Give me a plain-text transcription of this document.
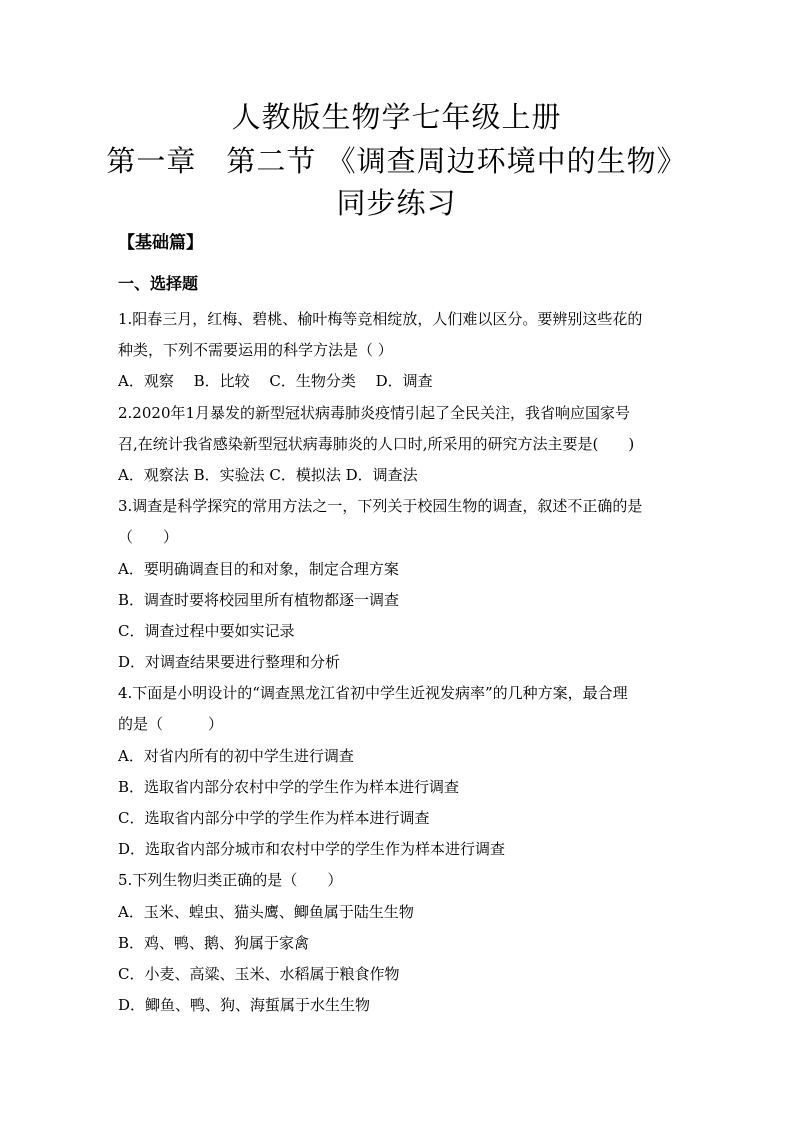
人教版生物学七年级上册
第一章　第二节 《调查周边环境中的生物》
同步练习
【基础篇】
一、选择题
1.阳春三月，红梅、碧桃、榆叶梅等竞相绽放，人们难以区分。要辨别这些花的
种类，下列不需要运用的科学方法是（ ）
A．观察　 B．比较　 C．生物分类　 D．调查
2.2020年1月暴发的新型冠状病毒肺炎疫情引起了全民关注，我省响应国家号
召,在统计我省感染新型冠状病毒肺炎的人口时,所采用的研究方法主要是(　　)
A．观察法 B．实验法 C．模拟法 D．调查法
3.调查是科学探究的常用方法之一，下列关于校园生物的调查，叙述不正确的是
（　　）
A．要明确调查目的和对象，制定合理方案
B．调查时要将校园里所有植物都逐一调查
C．调查过程中要如实记录
D．对调查结果要进行整理和分析
4.下面是小明设计的“调查黑龙江省初中学生近视发病率”的几种方案，最合理
的是（　　　）
A．对省内所有的初中学生进行调查
B．选取省内部分农村中学的学生作为样本进行调查
C．选取省内部分中学的学生作为样本进行调查
D．选取省内部分城市和农村中学的学生作为样本进行调查
5.下列生物归类正确的是（　　）
A．玉米、蝗虫、猫头鹰、鲫鱼属于陆生生物
B．鸡、鸭、鹅、狗属于家禽
C．小麦、高粱、玉米、水稻属于粮食作物
D．鲫鱼、鸭、狗、海蜇属于水生生物
